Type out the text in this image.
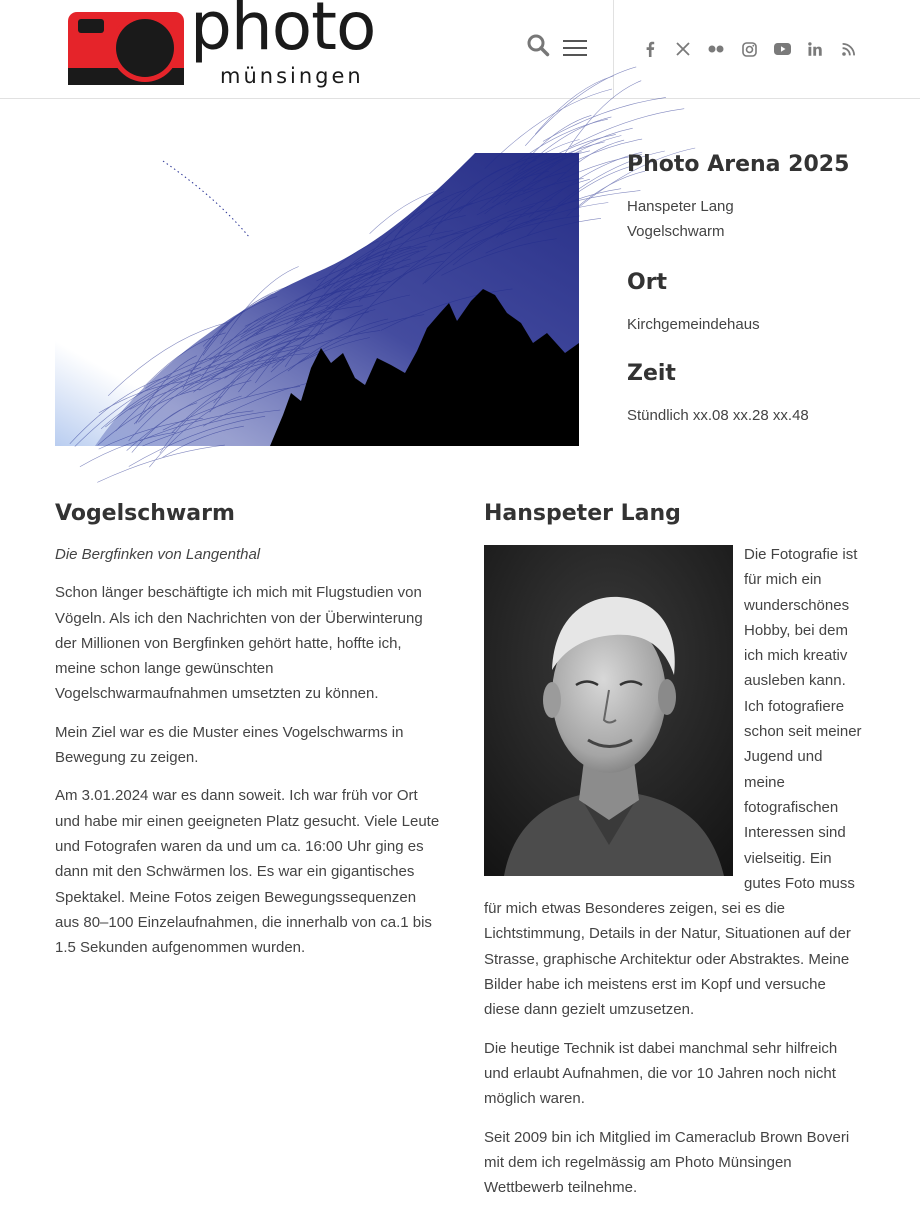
photo
münsingen
Photo Arena 2025

Hanspeter Lang

Vogelschwarm

Ort

Kirchgemeindehaus

Zeit

Stündlich xx.08 xx.28 xx.48

Vogelschwarm

Die Bergfinken von Langenthal

Schon länger beschäftigte ich mich mit Flugstudien von Vögeln. Als ich den Nachrichten von der Überwinterung der Millionen von Bergfinken gehört hatte, hoffte ich, meine schon lange gewünschten Vogelschwarmaufnahmen umsetzten zu können.

Mein Ziel war es die Muster eines Vogelschwarms in Bewegung zu zeigen.

Am 3.01.2024 war es dann soweit. Ich war früh vor Ort und habe mir einen geeigneten Platz gesucht. Viele Leute und Fotografen waren da und um ca. 16:00 Uhr ging es dann mit den Schwärmen los. Es war ein gigantisches Spektakel. Meine Fotos zeigen Bewegungssequenzen aus 80–100 Einzelaufnahmen, die innerhalb von ca.1 bis 1.5 Sekunden aufgenommen wurden.

Hanspeter Lang

Die Fotografie ist für mich ein wunderschönes Hobby, bei dem ich mich kreativ ausleben kann. Ich fotografiere schon seit meiner Jugend und meine fotografischen Interessen sind vielseitig. Ein gutes Foto muss für mich etwas Besonderes zeigen, sei es die Lichtstimmung, Details in der Natur, Situationen auf der Strasse, graphische Architektur oder Abstraktes. Meine Bilder habe ich meistens erst im Kopf und versuche diese dann gezielt umzusetzen.

Die heutige Technik ist dabei manchmal sehr hilfreich und erlaubt Aufnahmen, die vor 10 Jahren noch nicht möglich waren.

Seit 2009 bin ich Mitglied im Cameraclub Brown Boveri mit dem ich regelmässig am Photo Münsingen Wettbewerb teilnehme.
